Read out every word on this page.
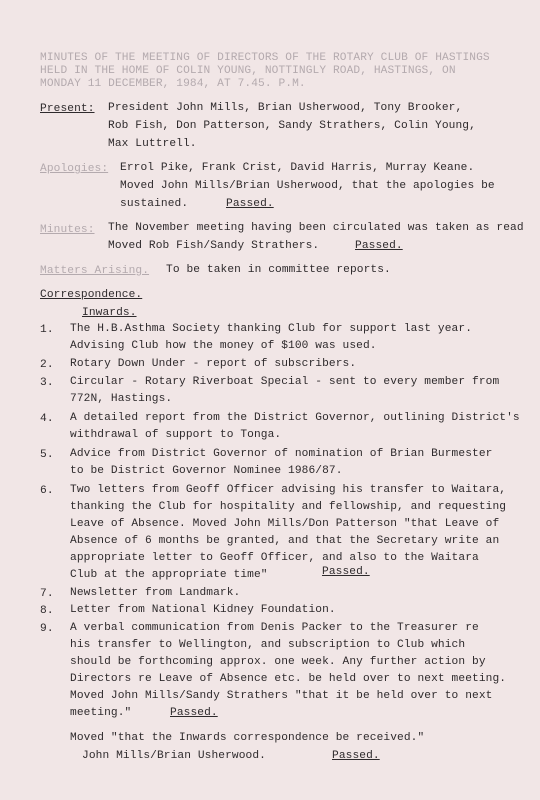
MINUTES OF THE MEETING OF DIRECTORS OF THE ROTARY CLUB OF HASTINGS
HELD IN THE HOME OF COLIN YOUNG, NOTTINGLY ROAD, HASTINGS, ON
MONDAY 11 DECEMBER, 1984, AT 7.45. P.M.
Present: President John Mills, Brian Usherwood, Tony Brooker,
Rob Fish, Don Patterson, Sandy Strathers, Colin Young,
Max Luttrell.
Apologies: Errol Pike, Frank Crist, David Harris, Murray Keane.
Moved John Mills/Brian Usherwood, that the apologies be
sustained.	Passed.
Minutes: The November meeting having been circulated was taken as read
Moved Rob Fish/Sandy Strathers.	Passed.
Matters Arising. To be taken in committee reports.
Correspondence.
Inwards.
1. The H.B.Asthma Society thanking Club for support last year.
Advising Club how the money of $100 was used.
2. Rotary Down Under - report of subscribers.
3. Circular - Rotary Riverboat Special - sent to every member from
772N, Hastings.
4. A detailed report from the District Governor, outlining District's
withdrawal of support to Tonga.
5. Advice from District Governor of nomination of Brian Burmester
to be District Governor Nominee 1986/87.
6. Two letters from Geoff Officer advising his transfer to Waitara,
thanking the Club for hospitality and fellowship, and requesting
Leave of Absence. Moved John Mills/Don Patterson "that Leave of
Absence of 6 months be granted, and that the Secretary write an
appropriate letter to Geoff Officer, and also to the Waitara
Club at the appropriate time"	Passed.
7. Newsletter from Landmark.
8. Letter from National Kidney Foundation.
9. A verbal communication from Denis Packer to the Treasurer re
his transfer to Wellington, and subscription to Club which
should be forthcoming approx. one week. Any further action by
Directors re Leave of Absence etc. be held over to next meeting.
Moved John Mills/Sandy Strathers "that it be held over to next
meeting."	Passed.
Moved "that the Inwards correspondence be received."
John Mills/Brian Usherwood.	Passed.
